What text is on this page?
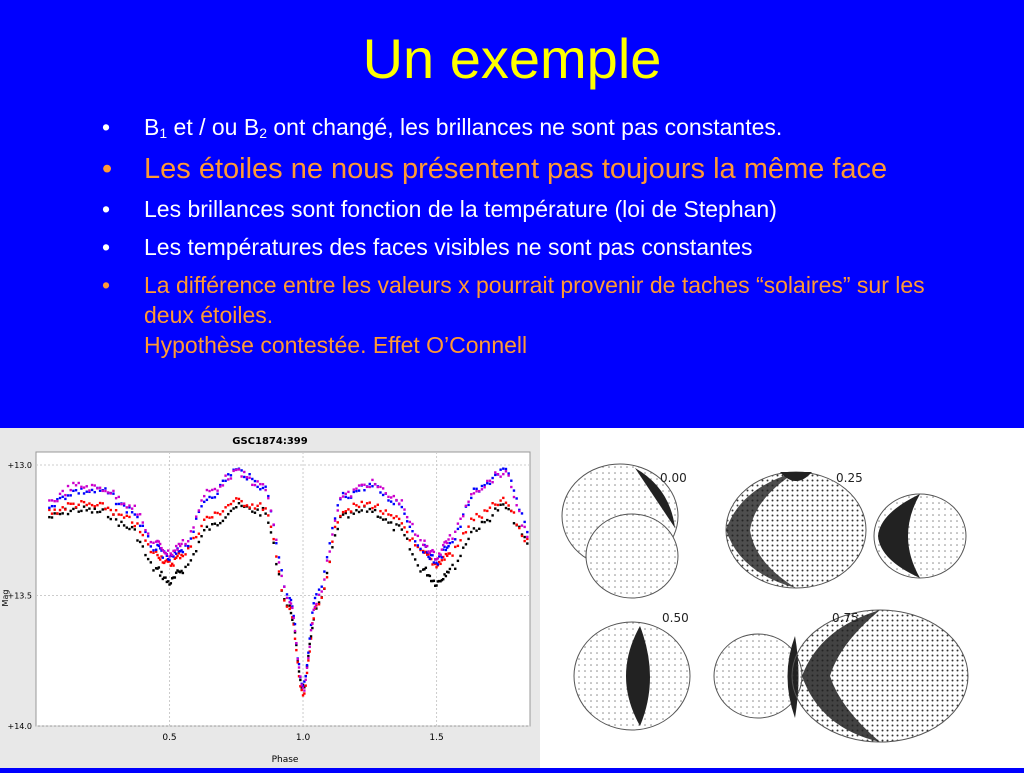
Un exemple
• $B_1$ et / ou $B_2$ ont changé, les brillances ne sont pas constantes.
• Les étoiles ne nous présentent pas toujours la même face
• Les brillances sont fonction de la température (loi de Stephan)
• Les températures des faces visibles ne sont pas constantes
• La différence entre les valeurs x pourrait provenir de taches “solaires” sur les deux étoiles.
Hypothèse contestée. Effet O’Connell
GSC1874:399
0.5	1.0	1.5
+13.0
+13.5
+14.0
Phase
Mag
0.00	0.25
0.50	0.75
